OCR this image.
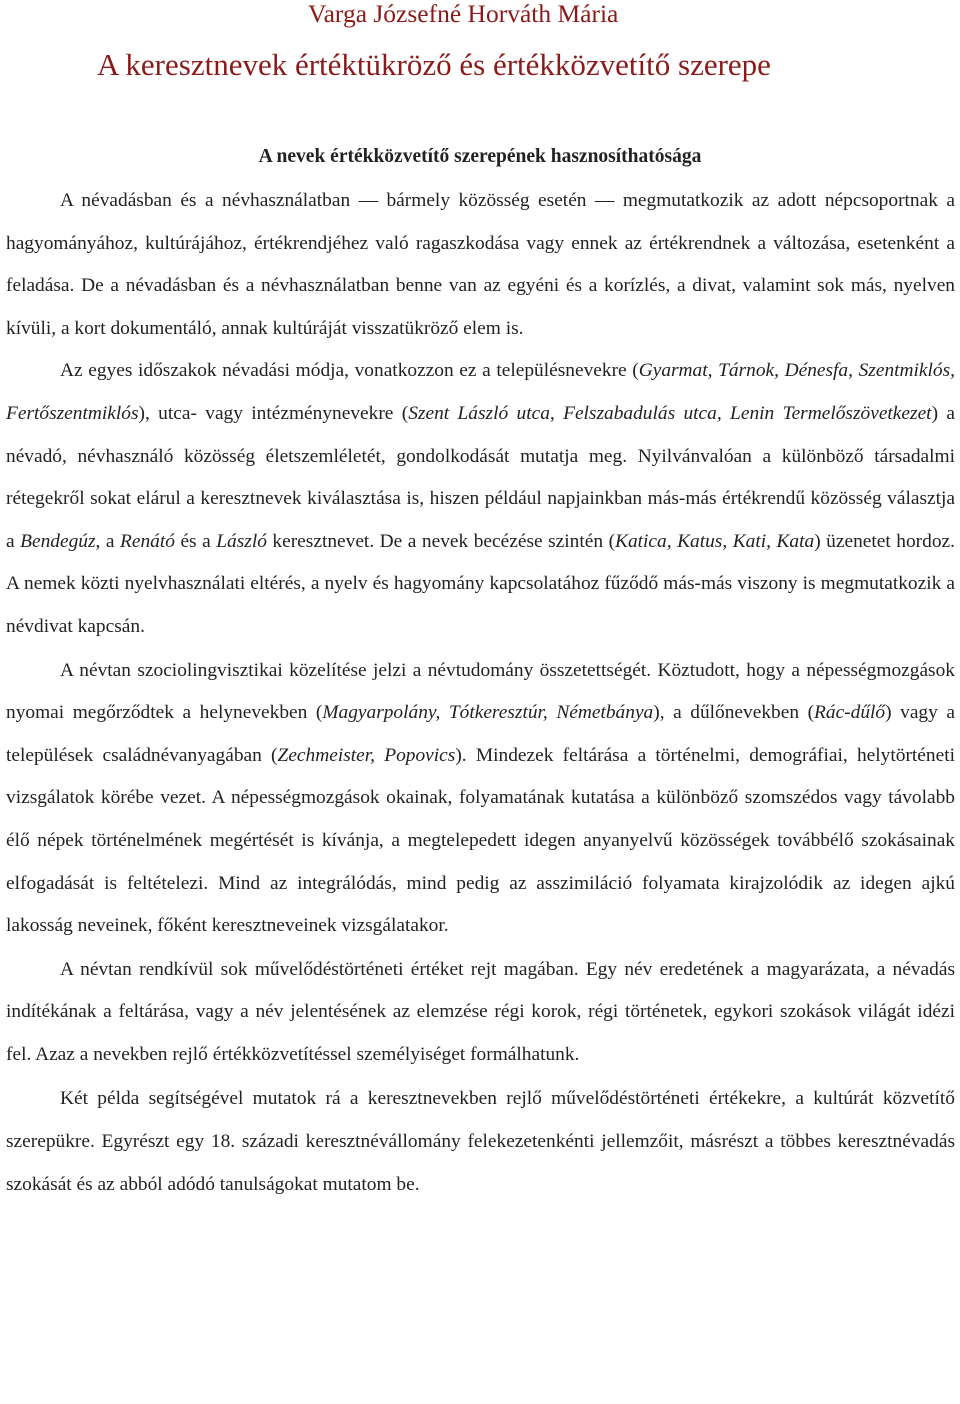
Varga Józsefné Horváth Mária
A keresztnevek értéktükröző és értékközvetítő szerepe
A nevek értékközvetítő szerepének hasznosíthatósága

A névadásban és a névhasználatban — bármely közösség esetén — megmutatkozik az adott népcsoportnak a hagyományához, kultúrájához, értékrendjéhez való ragaszkodása vagy ennek az értékrendnek a változása, esetenként a feladása. De a névadásban és a névhasználatban benne van az egyéni és a korízlés, a divat, valamint sok más, nyelven kívüli, a kort dokumentáló, annak kultúráját visszatükröző elem is.

Az egyes időszakok névadási módja, vonatkozzon ez a településnevekre (Gyarmat, Tárnok, Dénesfa, Szentmiklós, Fertőszentmiklós), utca- vagy intézménynevekre (Szent László utca, Felszabadulás utca, Lenin Termelőszövetkezet) a névadó, névhasználó közösség életszemléletét, gondolkodását mutatja meg. Nyilvánvalóan a különböző társadalmi rétegekről sokat elárul a keresztnevek kiválasztása is, hiszen például napjainkban más-más értékrendű közösség választja a Bendegúz, a Renátó és a László keresztnevet. De a nevek becézése szintén (Katica, Katus, Kati, Kata) üzenetet hordoz. A nemek közti nyelvhasználati eltérés, a nyelv és hagyomány kapcsolatához fűződő más-más viszony is megmutatkozik a névdivat kapcsán.

A névtan szociolingvisztikai közelítése jelzi a névtudomány összetettségét. Köztudott, hogy a népességmozgások nyomai megőrződtek a helynevekben (Magyarpolány, Tótkeresztúr, Németbánya), a dűlőnevekben (Rác-dűlő) vagy a települések családnévanyagában (Zechmeister, Popovics). Mindezek feltárása a történelmi, demográfiai, helytörténeti vizsgálatok körébe vezet. A népességmozgások okainak, folyamatának kutatása a különböző szomszédos vagy távolabb élő népek történelmének megértését is kívánja, a megtelepedett idegen anyanyelvű közösségek továbbélő szokásainak elfogadását is feltételezi. Mind az integrálódás, mind pedig az asszimiláció folyamata kirajzolódik az idegen ajkú lakosság neveinek, főként keresztneveinek vizsgálatakor.

A névtan rendkívül sok művelődéstörténeti értéket rejt magában. Egy név eredetének a magyarázata, a névadás indítékának a feltárása, vagy a név jelentésének az elemzése régi korok, régi történetek, egykori szokások világát idézi fel. Azaz a nevekben rejlő értékközvetítéssel személyiséget formálhatunk.

Két példa segítségével mutatok rá a keresztnevekben rejlő művelődéstörténeti értékekre, a kultúrát közvetítő szerepükre. Egyrészt egy 18. századi keresztnévállomány felekezetenkénti jellemzőit, másrészt a többes keresztnévadás szokását és az abból adódó tanulságokat mutatom be.
